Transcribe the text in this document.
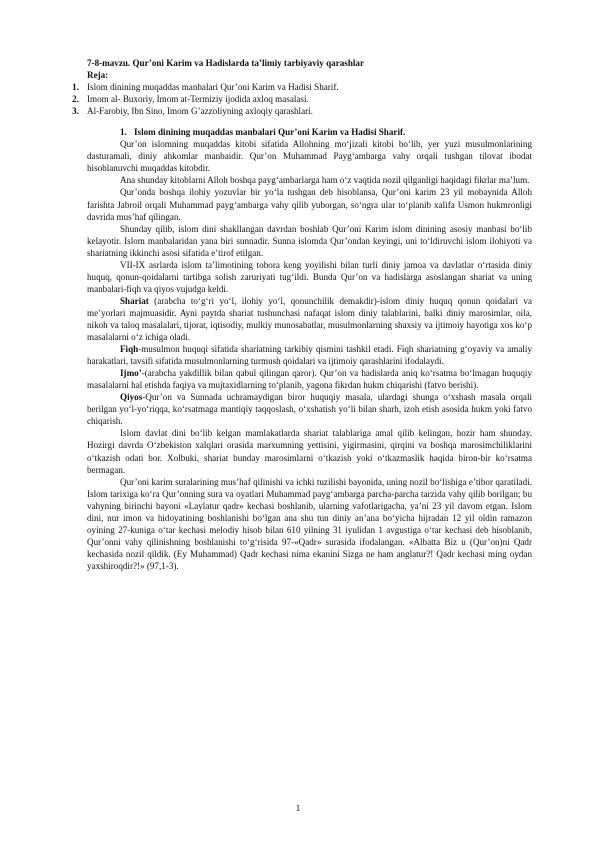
7-8-mavzu. Qur’oni Karim va Hadislarda ta’limiy tarbiyaviy qarashlar

Reja:

1. Islom dinining muqaddas manbalari Qur’oni Karim va Hadisi Sharif.
2. Imom al- Buxoriy, Imom at-Termiziy ijodida axloq masalasi.
3. Al-Farobiy, Ibn Sino, Imom G’azzoliyning axloqiy qarashlari.

1. Islom dinining muqaddas manbalari Qur’oni Karim va Hadisi Sharif.

Qur’on islomning muqaddas kitobi sifatida Allohning mo‘jizali kitobi bo‘lib, yer yuzi musulmonlarining dasturamali, diniy ahkomlar manbaidir. Qur’on Muhammad Payg‘ambarga vahy orqali tushgan tilovat ibodat hisoblanuvchi muqaddas kitobdir.

Ana shunday kitoblarni Alloh boshqa payg‘ambarlarga ham o‘z vaqtida nozil qilganligi haqidagi fikrlar ma’lum.

Qur’onda boshqa ilohiy yozuvlar bir yo‘la tushgan deb hisoblansa, Qur’oni karim 23 yil mobaynida Alloh farishta Jabroil orqali Muhammad payg‘ambarga vahy qilib yuborgan, so‘ngra ular to‘planib xalifa Usmon hukmronligi davrida mus’haf qilingan.

Shunday qilib, islom dini shakllangan davrdan boshlab Qur’oni Karim islom dinining asosiy manbasi bo‘lib kelayotir. Islom manbalaridan yana biri sunnadir. Sunna islomda Qur’ondan keyingi, uni to‘ldiruvchi islom ilohiyoti va shariatning ikkinchi asosi sifatida e’tirof etilgan.

VII-IX asrlarda islom ta’limotining tobora keng yoyilishi bilan turli diniy jamoa va davlatlar o‘rtasida diniy huquq, qonun-qoidalarni tartibga solish zaruriyati tug‘ildi. Bunda Qur’on va hadislarga asoslangan shariat va uning manbalari-fiqh va qiyos vujudga keldi.

Shariat (arabcha to‘g‘ri yo‘l, ilohiy yo‘l, qonunchilik demakdir)-islom diniy huquq qonun qoidalari va me’yorlari majmuasidir. Ayni paytda shariat tushunchasi nafaqat islom diniy talablarini, balki diniy marosimlar, oila, nikoh va taloq masalalari, tijorat, iqtisodiy, mulkiy munosabatlar, musulmonlarning shaxsiy va ijtimoiy hayotiga xos ko‘p masalalarni o‘z ichiga oladi.

Fiqh-musulmon huquqi sifatida shariatning tarkibiy qismini tashkil etadi. Fiqh shariatning g‘oyaviy va amaliy harakatlari, tavsifi sifatida musulmonlarning turmush qoidalari va ijtimoiy qarashlarini ifodalaydi.

Ijmo’-(arabcha yakdillik bilan qabul qilingan qaror). Qur’on va hadislarda aniq ko‘rsatma bo‘lmagan huquqiy masalalarni hal etishda faqiya va mujtaxidlarning to‘planib, yagona fikrdan hukm chiqarishi (fatvo berishi).

Qiyos-Qur’on va Sunnada uchramaydigan biror huquqiy masala, ulardagi shunga o‘xshash masala orqali berilgan yo‘l-yo‘riqqa, ko‘rsatmaga mantiqiy taqqoslash, o‘xshatish yo‘li bilan sharh, izoh etish asosida hukm yoki fatvo chiqarish.

Islom davlat dini bo‘lib kelgan mamlakatlarda shariat talablariga amal qilib kelingan, hozir ham shunday. Hozirgi davrda O‘zbekiston xalqlari orasida marxumning yettisini, yigirmasini, qirqini va boshqa marosimchiliklarini o‘tkazish odati bor. Xolbuki, shariat bunday marosimlarni o‘tkazish yoki o‘tkazmaslik haqida biron-bir ko‘rsatma bermagan.

Qur’oni karim suralarining mus’haf qilinishi va ichki tuzilishi bayonida, uning nozil bo‘lishiga e’tibor qaratiladi. Islom tarixiga ko‘ra Qur’onning sura va oyatlari Muhammad payg‘ambarga parcha-parcha tarzida vahy qilib borilgan; bu vahyning birinchi bayoni «Laylatur qadr» kechasi boshlanib, ularning vafotlarigacha, ya’ni 23 yil davom etgan. Islom dini, nur imon va hidoyatining boshlanishi bo‘lgan ana shu tun diniy an’ana bo‘yicha hijradan 12 yil oldin ramazon oyining 27-kuniga o‘tar kechasi melodiy hisob bilan 610 yilning 31 iyulidan 1 avgustiga o‘tar kechasi deb hisoblanib, Qur’onni vahy qilinishning boshlanishi to‘g‘risida 97-«Qadr» surasida ifodalangan. «Albatta Biz u (Qur’on)ni Qadr kechasida nozil qildik. (Ey Muhammad) Qadr kechasi nima ekanini Sizga ne ham anglatur?! Qadr kechasi ming oydan yaxshiroqdir?!» (97,1-3).

1
